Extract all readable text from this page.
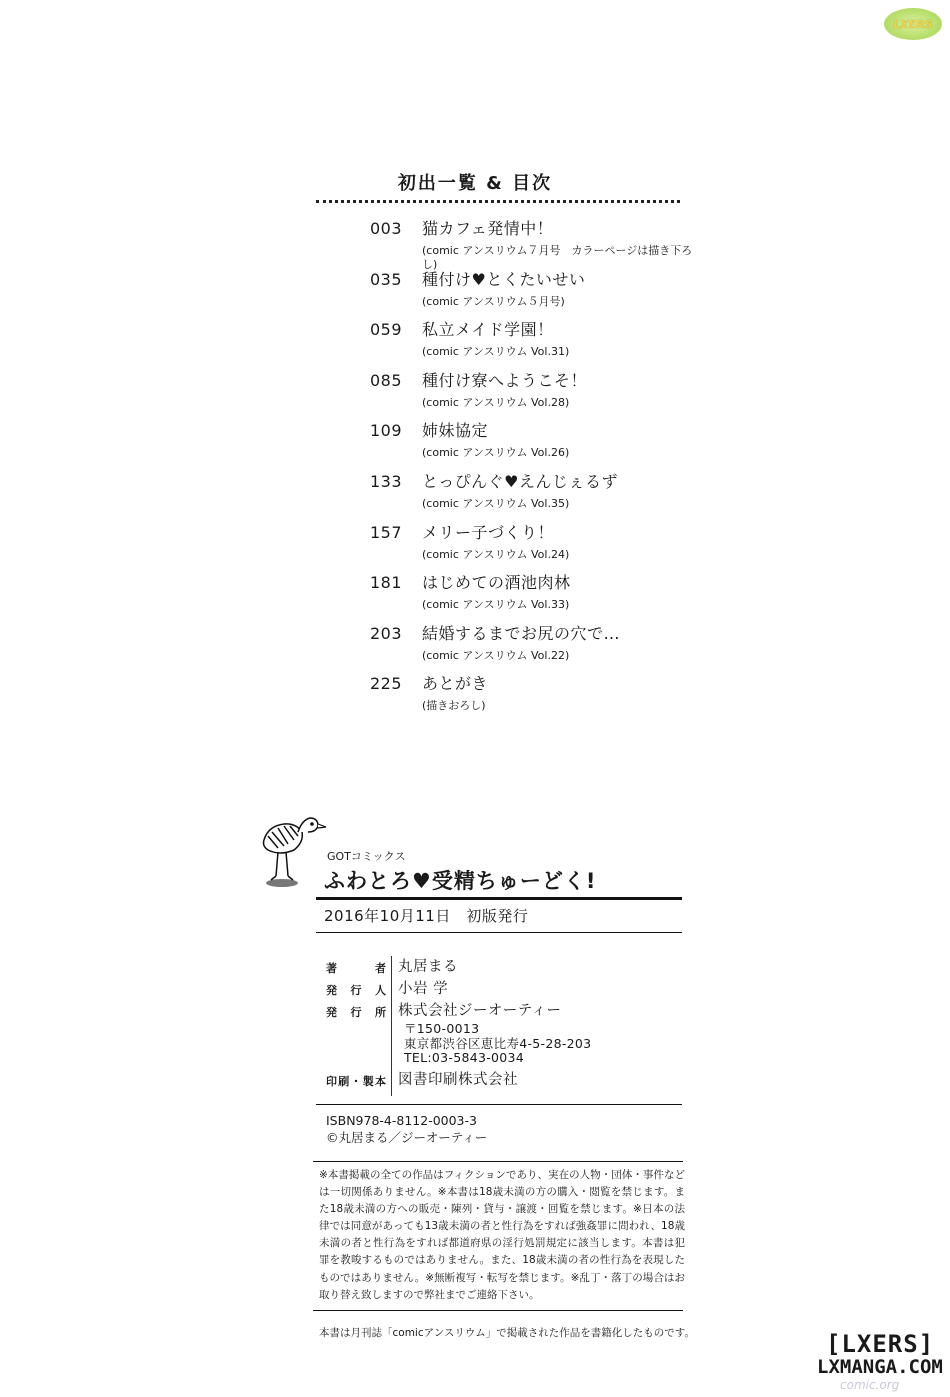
LXERS
初出一覧 & 目次
003	猫カフェ発情中！
(comic アンスリウム７月号　カラーページは描き下ろし)
035	種付け♥とくたいせい
(comic アンスリウム５月号)
059	私立メイド学園！
(comic アンスリウム Vol.31)
085	種付け寮へようこそ！
(comic アンスリウム Vol.28)
109	姉妹協定
(comic アンスリウム Vol.26)
133	とっぴんぐ♥えんじぇるず
(comic アンスリウム Vol.35)
157	メリー子づくり！
(comic アンスリウム Vol.24)
181	はじめての酒池肉林
(comic アンスリウム Vol.33)
203	結婚するまでお尻の穴で…
(comic アンスリウム Vol.22)
225	あとがき
(描きおろし)
GOTコミックス
ふわとろ♥受精ちゅーどく!
2016年10月11日　初版発行
著者 丸居まる
発行人 小岩 学
発行所 株式会社ジーオーティー
〒150-0013
東京都渋谷区恵比寿4-5-28-203
TEL:03-5843-0034
印刷・製本 図書印刷株式会社
ISBN978-4-8112-0003-3
©丸居まる／ジーオーティー
※本書掲載の全ての作品はフィクションであり、実在の人物・団体・事件などは一切関係ありません。※本書は18歳未満の方の購入・閲覧を禁じます。また18歳未満の方への販売・陳列・貸与・譲渡・回覧を禁じます。※日本の法律では同意があっても13歳未満の者と性行為をすれば強姦罪に問われ、18歳未満の者と性行為をすれば都道府県の淫行処罰規定に該当します。本書は犯罪を教唆するものではありません。また、18歳未満の者の性行為を表現したものではありません。※無断複写・転写を禁じます。※乱丁・落丁の場合はお取り替え致しますので弊社までご連絡下さい。
本書は月刊誌「comicアンスリウム」で掲載された作品を書籍化したものです。	[LXERS]
LXMANGA.COM
comic.org
